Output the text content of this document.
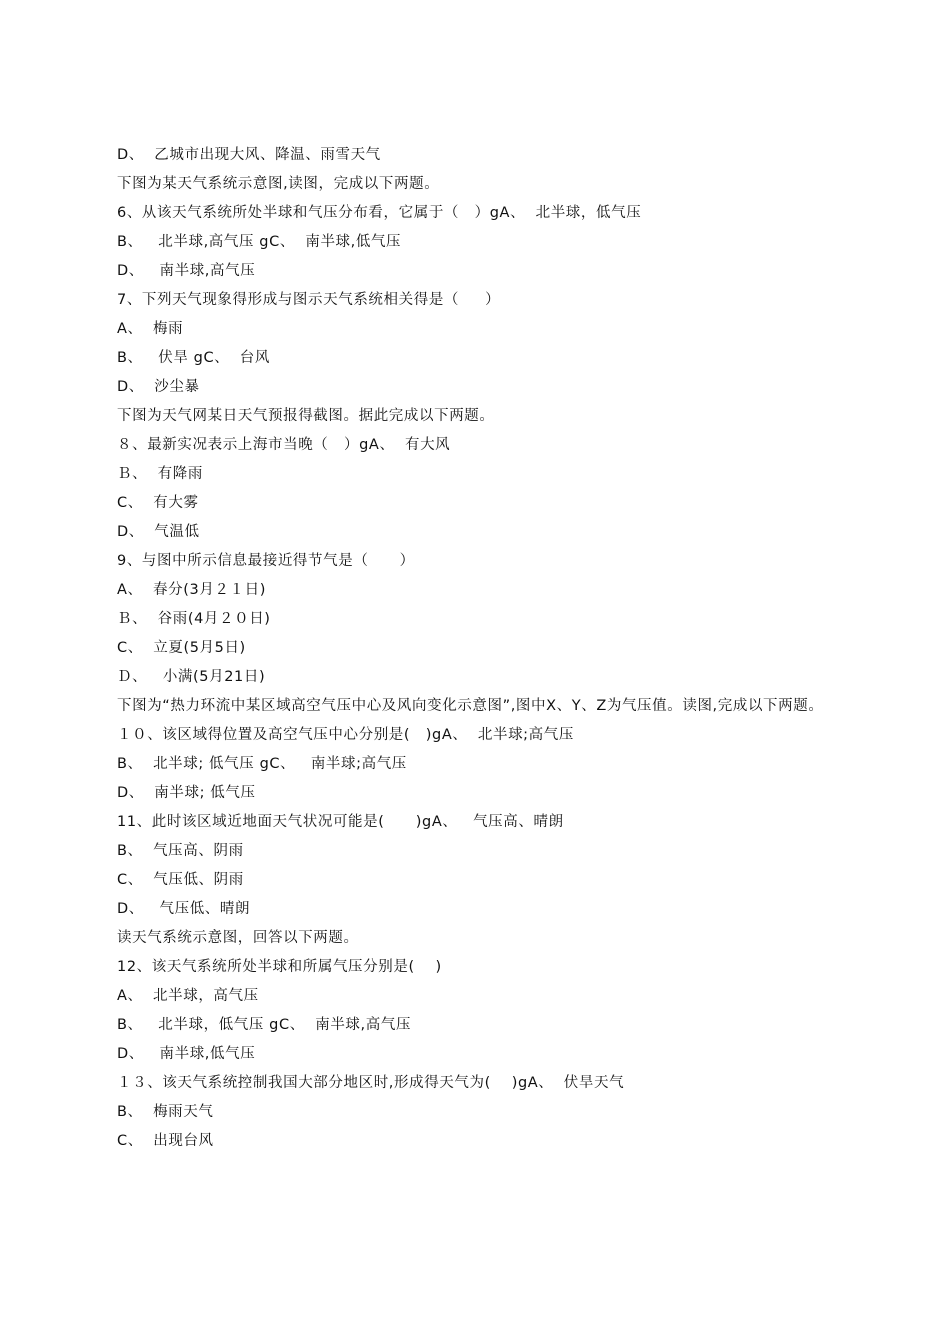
D、  乙城市出现大风、降温、雨雪天气
下图为某天气系统示意图,读图，完成以下两题。
6、从该天气系统所处半球和气压分布看，它属于（   ）gA、  北半球，低气压
B、   北半球,高气压 gC、  南半球,低气压
D、   南半球,高气压
7、下列天气现象得形成与图示天气系统相关得是（     ）
A、  梅雨
B、   伏旱 gC、  台风
D、  沙尘暴
下图为天气网某日天气预报得截图。据此完成以下两题。
８、最新实况表示上海市当晚（   ）gA、  有大风
Ｂ、  有降雨
C、  有大雾
D、  气温低
9、与图中所示信息最接近得节气是（      ）
A、  春分(3月２１日)
Ｂ、  谷雨(4月２０日)
C、  立夏(5月5日)
Ｄ、   小满(5月21日)
下图为“热力环流中某区域高空气压中心及风向变化示意图”,图中X、Y、Z为气压值。读图,完成以下两题。
１０、该区域得位置及高空气压中心分别是(   )gA、  北半球;高气压
B、  北半球; 低气压 gC、   南半球;高气压
D、  南半球; 低气压
11、此时该区域近地面天气状况可能是(      )gA、   气压高、晴朗
B、  气压高、阴雨
C、  气压低、阴雨
D、   气压低、晴朗
读天气系统示意图，回答以下两题。
12、该天气系统所处半球和所属气压分别是(    )
A、  北半球，高气压
B、   北半球，低气压 gC、  南半球,高气压
D、   南半球,低气压
１３、该天气系统控制我国大部分地区时,形成得天气为(    )gA、  伏旱天气
B、  梅雨天气
C、  出现台风
